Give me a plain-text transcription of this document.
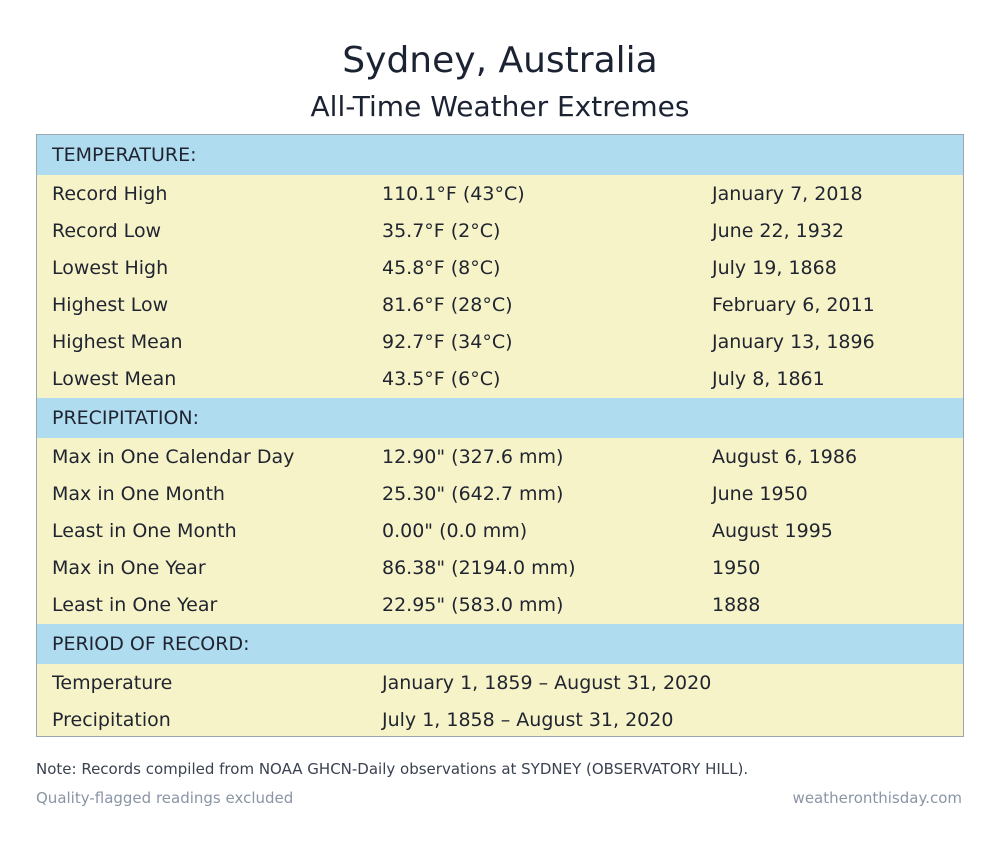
Sydney, Australia
All-Time Weather Extremes
TEMPERATURE:
Record High	110.1°F (43°C)	January 7, 2018
Record Low	35.7°F (2°C)	June 22, 1932
Lowest High	45.8°F (8°C)	July 19, 1868
Highest Low	81.6°F (28°C)	February 6, 2011
Highest Mean	92.7°F (34°C)	January 13, 1896
Lowest Mean	43.5°F (6°C)	July 8, 1861
PRECIPITATION:
Max in One Calendar Day	12.90" (327.6 mm)	August 6, 1986
Max in One Month	25.30" (642.7 mm)	June 1950
Least in One Month	0.00" (0.0 mm)	August 1995
Max in One Year	86.38" (2194.0 mm)	1950
Least in One Year	22.95" (583.0 mm)	1888
PERIOD OF RECORD:
Temperature	January 1, 1859 – August 31, 2020
Precipitation	July 1, 1858 – August 31, 2020
Note: Records compiled from NOAA GHCN-Daily observations at SYDNEY (OBSERVATORY HILL).
Quality-flagged readings excluded	weatheronthisday.com
